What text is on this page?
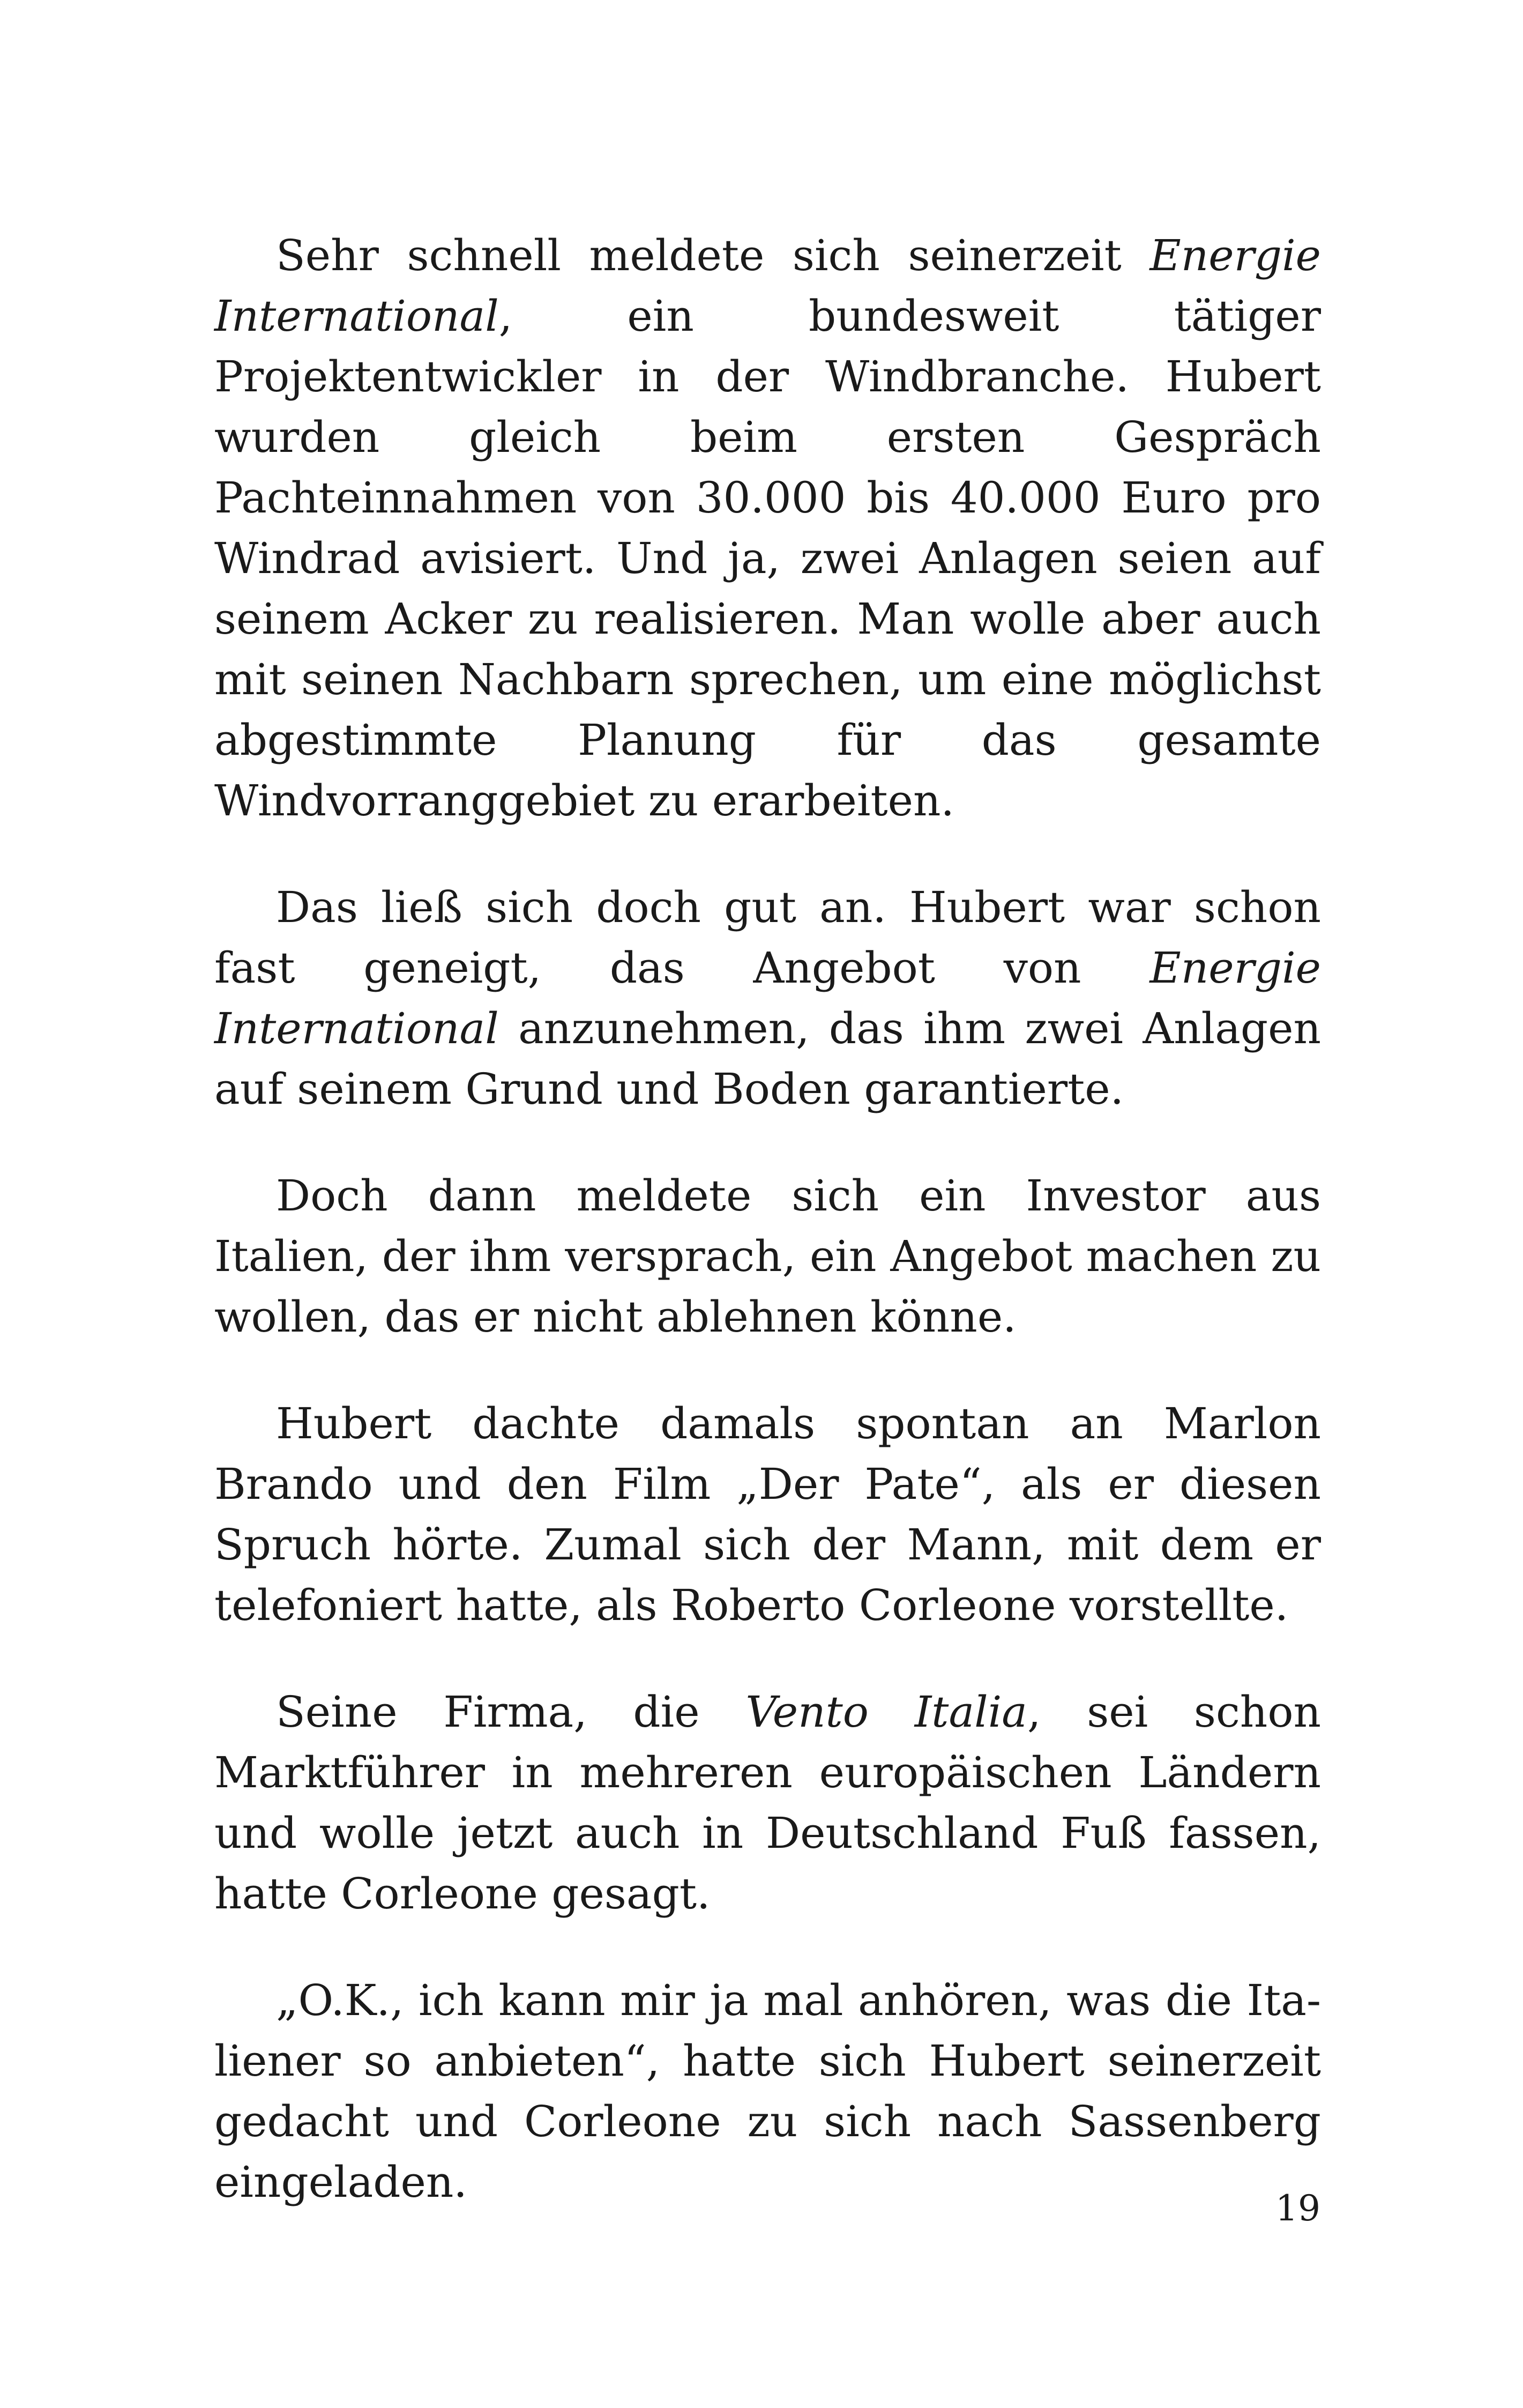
Sehr schnell meldete sich seinerzeit Energie International, ein bundesweit tätiger Projektentwickler in der Windbranche. Hubert wurden gleich beim ersten Gespräch Pachteinnahmen von 30.000 bis 40.000 Euro pro Windrad avisiert. Und ja, zwei Anlagen seien auf seinem Acker zu realisieren. Man wolle aber auch mit seinen Nachbarn sprechen, um eine möglichst abgestimmte Planung für das gesamte Windvorranggebiet zu erarbeiten.

Das ließ sich doch gut an. Hubert war schon fast geneigt, das Angebot von Energie International anzunehmen, das ihm zwei Anlagen auf seinem Grund und Boden garantierte.

Doch dann meldete sich ein Investor aus Italien, der ihm versprach, ein Angebot machen zu wollen, das er nicht ablehnen könne.

Hubert dachte damals spontan an Marlon Brando und den Film „Der Pate“, als er diesen Spruch hörte. Zumal sich der Mann, mit dem er telefoniert hatte, als Roberto Corleone vorstellte.

Seine Firma, die Vento Italia, sei schon Marktführer in mehreren europäischen Ländern und wolle jetzt auch in Deutschland Fuß fassen, hatte Corleone gesagt.

„O.K., ich kann mir ja mal anhören, was die Italiener so anbieten“, hatte sich Hubert seinerzeit gedacht und Corleone zu sich nach Sassenberg eingeladen.

19
